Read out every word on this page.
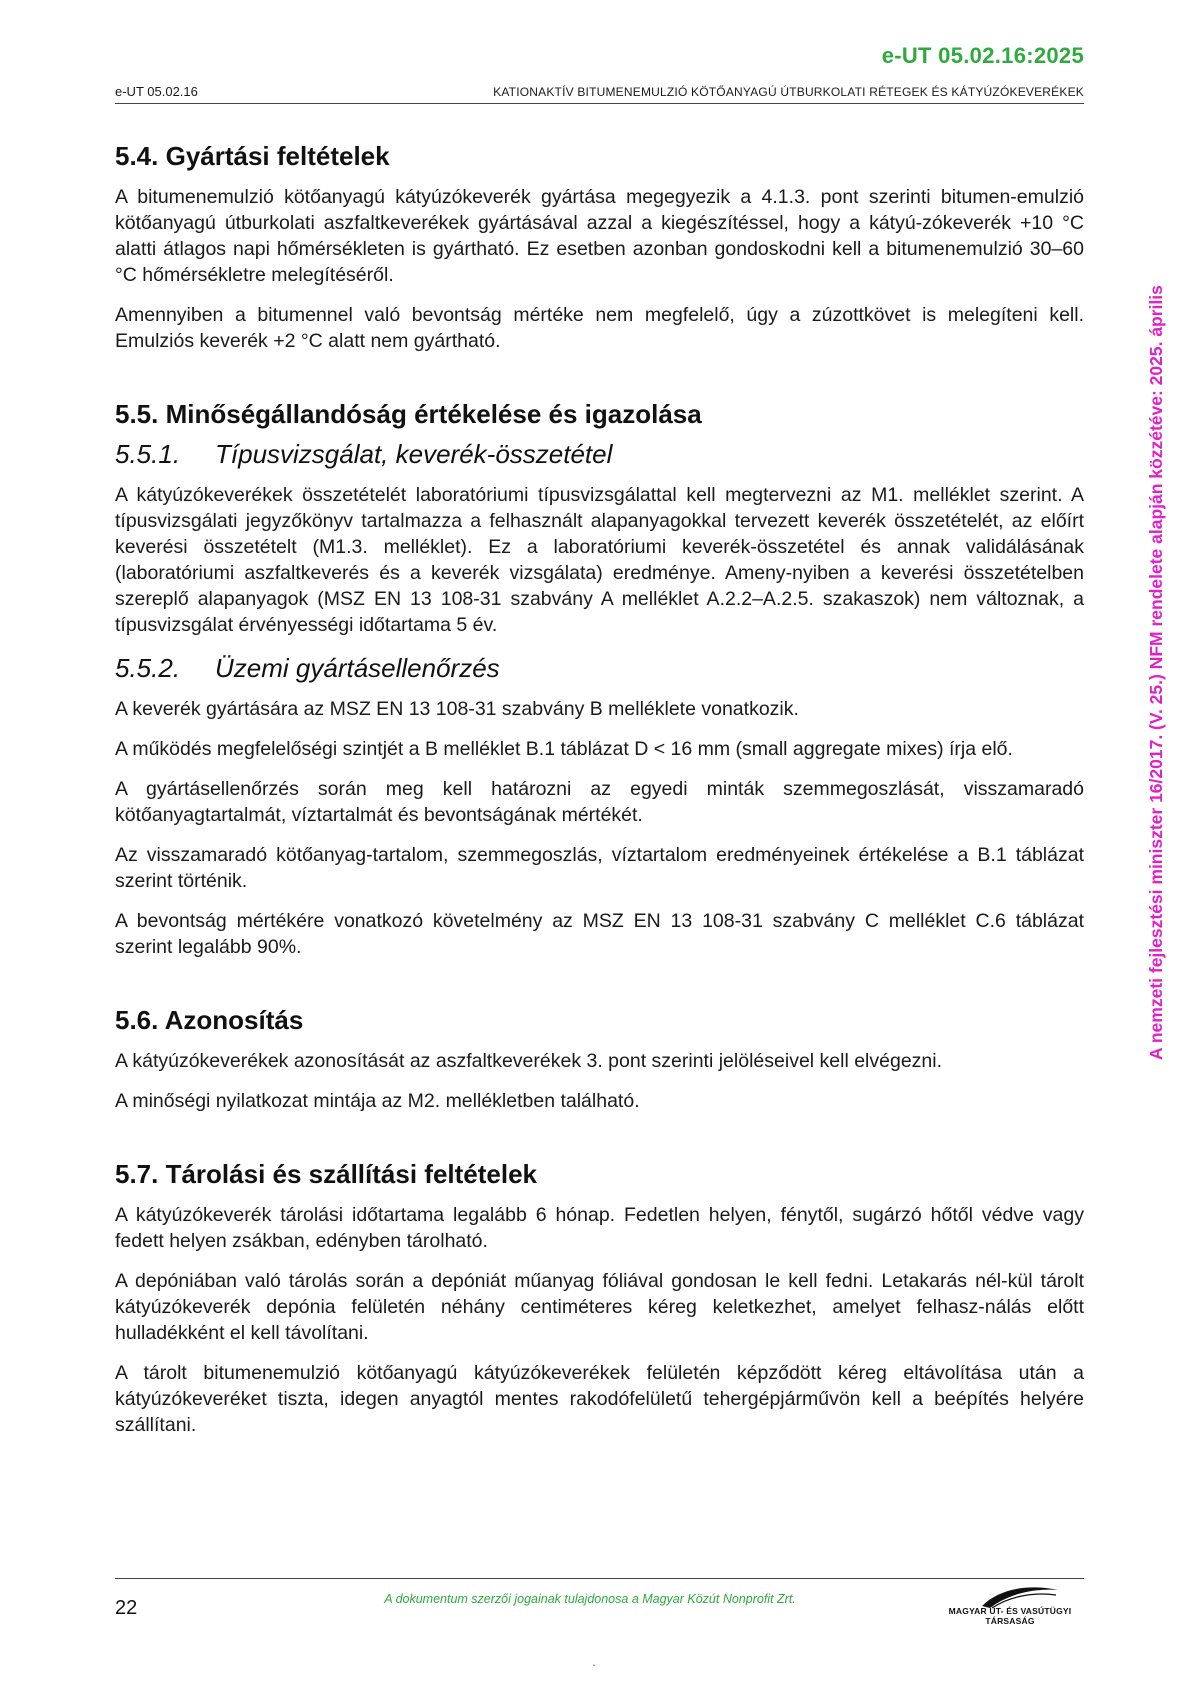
e-UT 05.02.16:2025
e-UT 05.02.16	KATIONAKTÍV BITUMENEMULZIÓ KÖTŐANYAGÚ ÚTBURKOLATI RÉTEGEK ÉS KÁTYÚZÓKEVERÉKEK
A nemzeti fejlesztési miniszter 16/2017. (V. 25.) NFM rendelete alapján közzétéve: 2025. április
5.4. Gyártási feltételek

A bitumenemulzió kötőanyagú kátyúzókeverék gyártása megegyezik a 4.1.3. pont szerinti bitumen-emulzió kötőanyagú útburkolati aszfaltkeverékek gyártásával azzal a kiegészítéssel, hogy a kátyú-zókeverék +10 °C alatti átlagos napi hőmérsékleten is gyártható. Ez esetben azonban gondoskodni kell a bitumenemulzió 30–60 °C hőmérsékletre melegítéséről.

Amennyiben a bitumennel való bevontság mértéke nem megfelelő, úgy a zúzottkövet is melegíteni kell. Emulziós keverék +2 °C alatt nem gyártható.

5.5. Minőségállandóság értékelése és igazolása
5.5.1. Típusvizsgálat, keverék-összetétel

A kátyúzókeverékek összetételét laboratóriumi típusvizsgálattal kell megtervezni az M1. melléklet szerint. A típusvizsgálati jegyzőkönyv tartalmazza a felhasznált alapanyagokkal tervezett keverék összetételét, az előírt keverési összetételt (M1.3. melléklet). Ez a laboratóriumi keverék-összetétel és annak validálásának (laboratóriumi aszfaltkeverés és a keverék vizsgálata) eredménye. Ameny-nyiben a keverési összetételben szereplő alapanyagok (MSZ EN 13 108-31 szabvány A melléklet A.2.2–A.2.5. szakaszok) nem változnak, a típusvizsgálat érvényességi időtartama 5 év.

5.5.2. Üzemi gyártásellenőrzés

A keverék gyártására az MSZ EN 13 108-31 szabvány B melléklete vonatkozik.

A működés megfelelőségi szintjét a B melléklet B.1 táblázat D < 16 mm (small aggregate mixes) írja elő.

A gyártásellenőrzés során meg kell határozni az egyedi minták szemmegoszlását, visszamaradó kötőanyagtartalmát, víztartalmát és bevontságának mértékét.

Az visszamaradó kötőanyag-tartalom, szemmegoszlás, víztartalom eredményeinek értékelése a B.1 táblázat szerint történik.

A bevontság mértékére vonatkozó követelmény az MSZ EN 13 108-31 szabvány C melléklet C.6 táblázat szerint legalább 90%.

5.6. Azonosítás

A kátyúzókeverékek azonosítását az aszfaltkeverékek 3. pont szerinti jelöléseivel kell elvégezni.

A minőségi nyilatkozat mintája az M2. mellékletben található.

5.7. Tárolási és szállítási feltételek

A kátyúzókeverék tárolási időtartama legalább 6 hónap. Fedetlen helyen, fénytől, sugárzó hőtől védve vagy fedett helyen zsákban, edényben tárolható.

A depóniában való tárolás során a depóniát műanyag fóliával gondosan le kell fedni. Letakarás nél-kül tárolt kátyúzókeverék depónia felületén néhány centiméteres kéreg keletkezhet, amelyet felhasz-nálás előtt hulladékként el kell távolítani.

A tárolt bitumenemulzió kötőanyagú kátyúzókeverékek felületén képződött kéreg eltávolítása után a kátyúzókeveréket tiszta, idegen anyagtól mentes rakodófelületű tehergépjárművön kell a beépítés helyére szállítani.

22	A dokumentum szerzői jogainak tulajdonosa a Magyar Közút Nonprofit Zrt.
MAGYAR ÚT- ÉS VASÚTÜGYI TÁRSASÁG
.
